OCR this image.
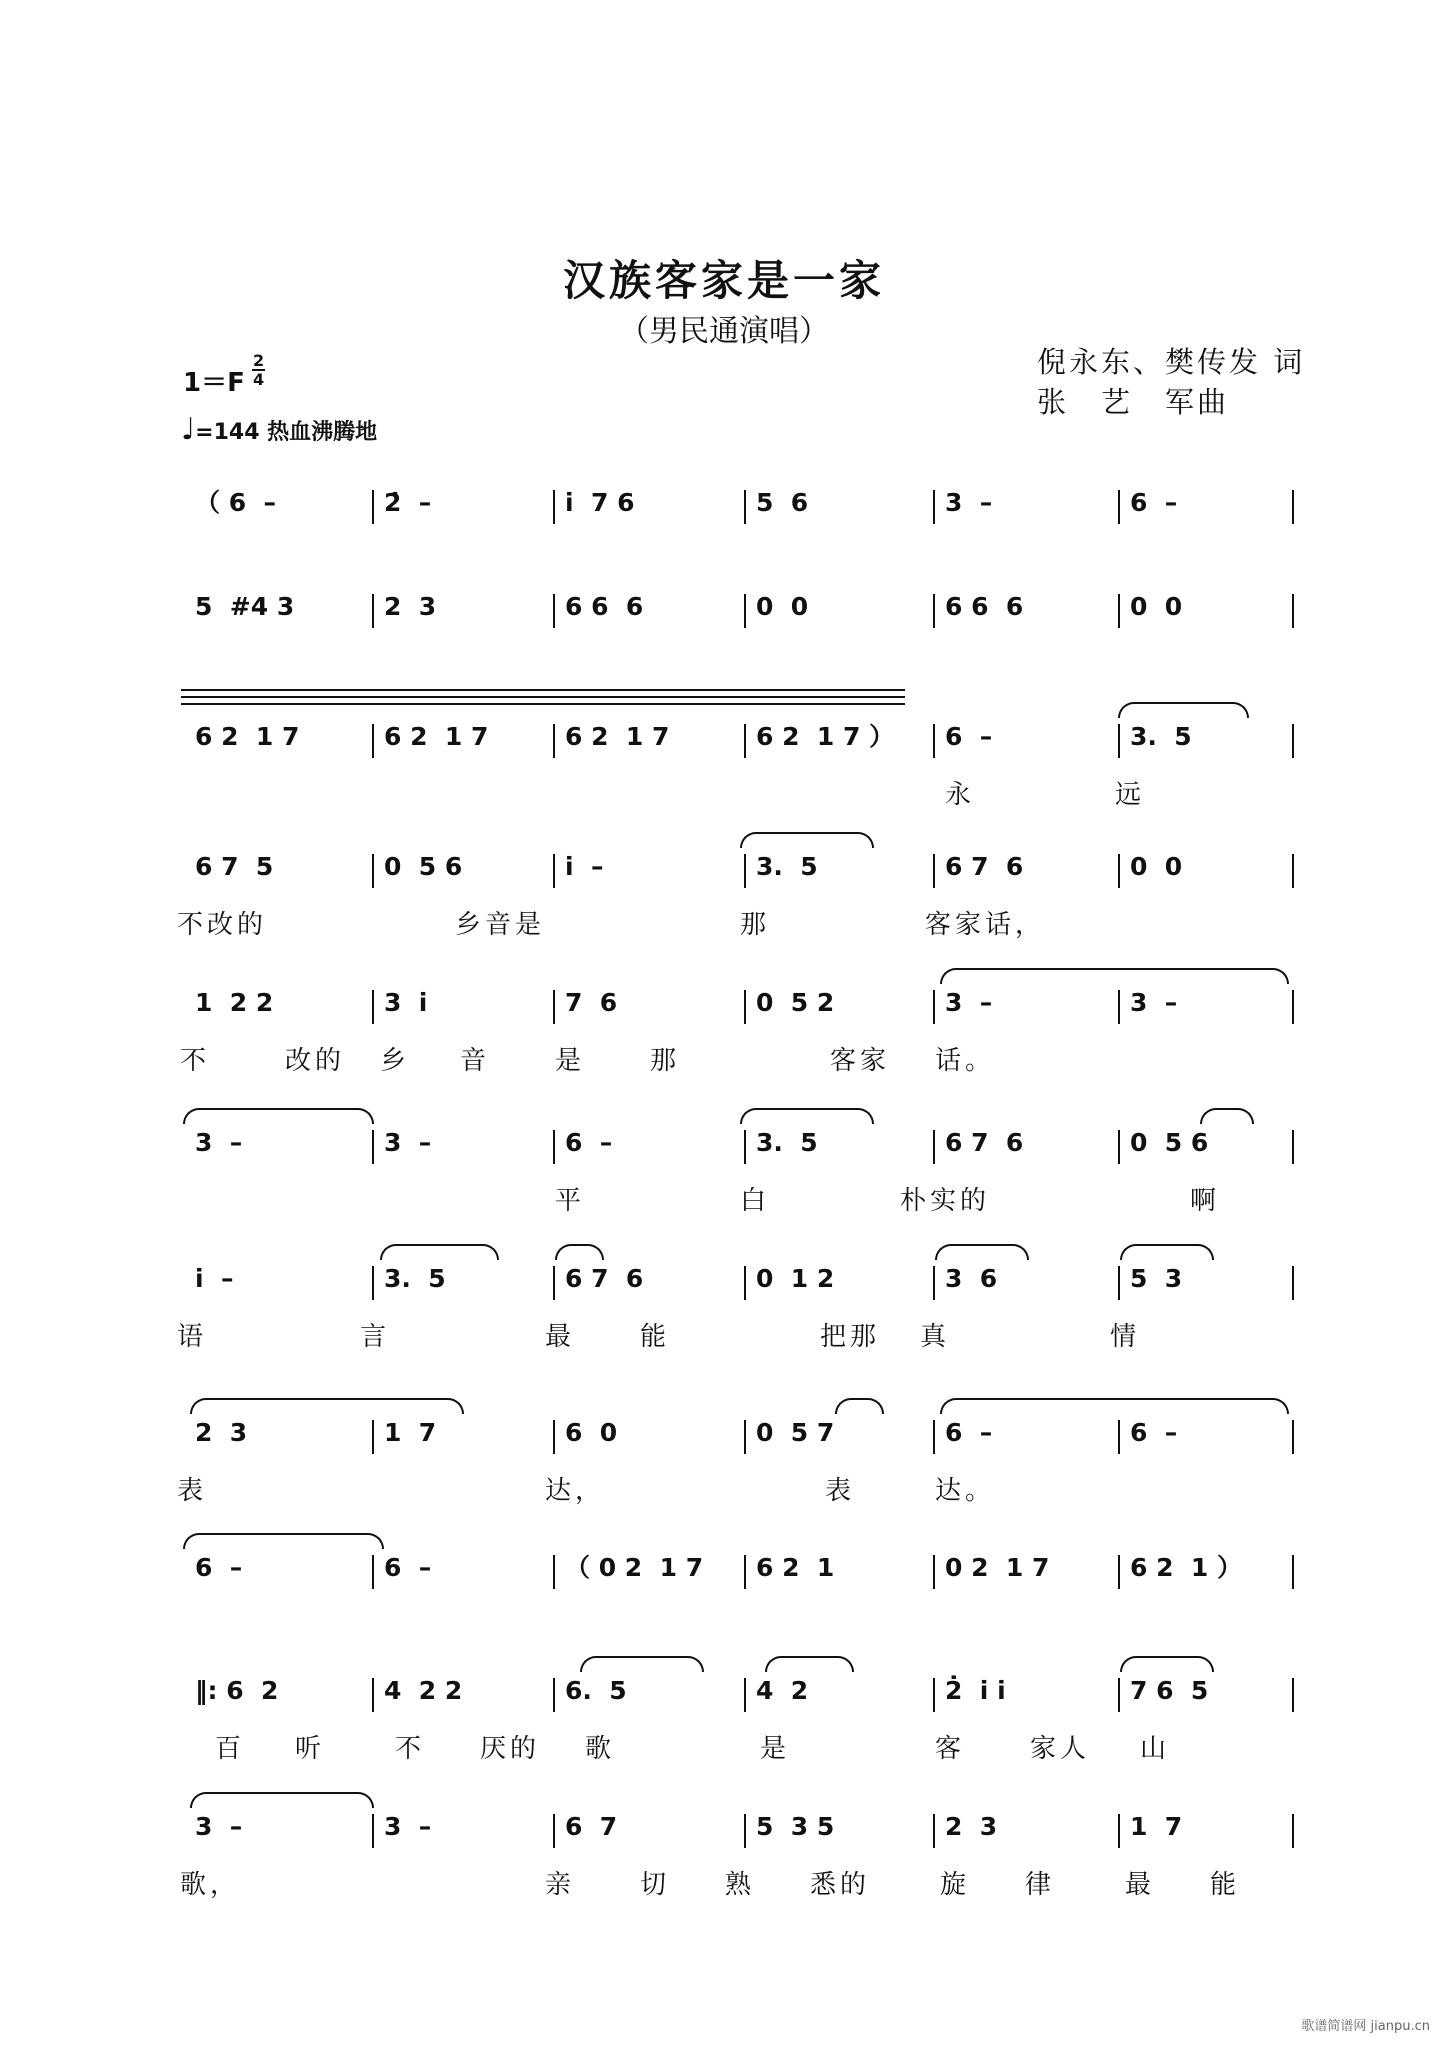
汉族客家是一家
（男民通演唱）
倪永东、樊传发 词
张　艺　军曲
$1=F \frac{2}{4}$
♩=144 热血沸腾地
（ 6  –	2̇  –	i̇  7 6	5  6	3  –	6  –
5  #4 3	2  3	6 6  6	0  0	6 6  6	0  0
6 2  1 7	6 2  1 7	6 2  1 7	6 2  1 7 ） 6  –	3.  5
永	远
6 7  5	0  5 6	i̇  –	3.  5	6 7  6	0  0
不改的	乡音是	那	客家话，
1  2 2	3  i̇	7  6	0  5 2	3  –	3  –
不	改的 乡 音 是 那	客家 话。
3  –	3  –	6  –	3.  5	6 7  6	0  5 6
平	白	朴实的	啊
i̇  –	3.  5	6 7  6	0  1 2	3  6	5  3
语	言	最 能	把那 真	情
2  3	1  7	6  0	0  5 7	6  –	6  –
表	达，	表	达。
6  –	6  –	（ 0 2  1 7 6 2  1	0 2  1 7	6 2  1 ）
‖: 6  2	4  2 2	6.  5	4  2	2̇  i̇ i̇	7 6  5
百 听	不 厌的 歌	是	客 家人 山
3  –	3  –	6  7	5  3 5	2  3	1  7
歌，	亲 切 熟 悉的	旋 律	最 能
歌谱简谱网 jianpu.cn
